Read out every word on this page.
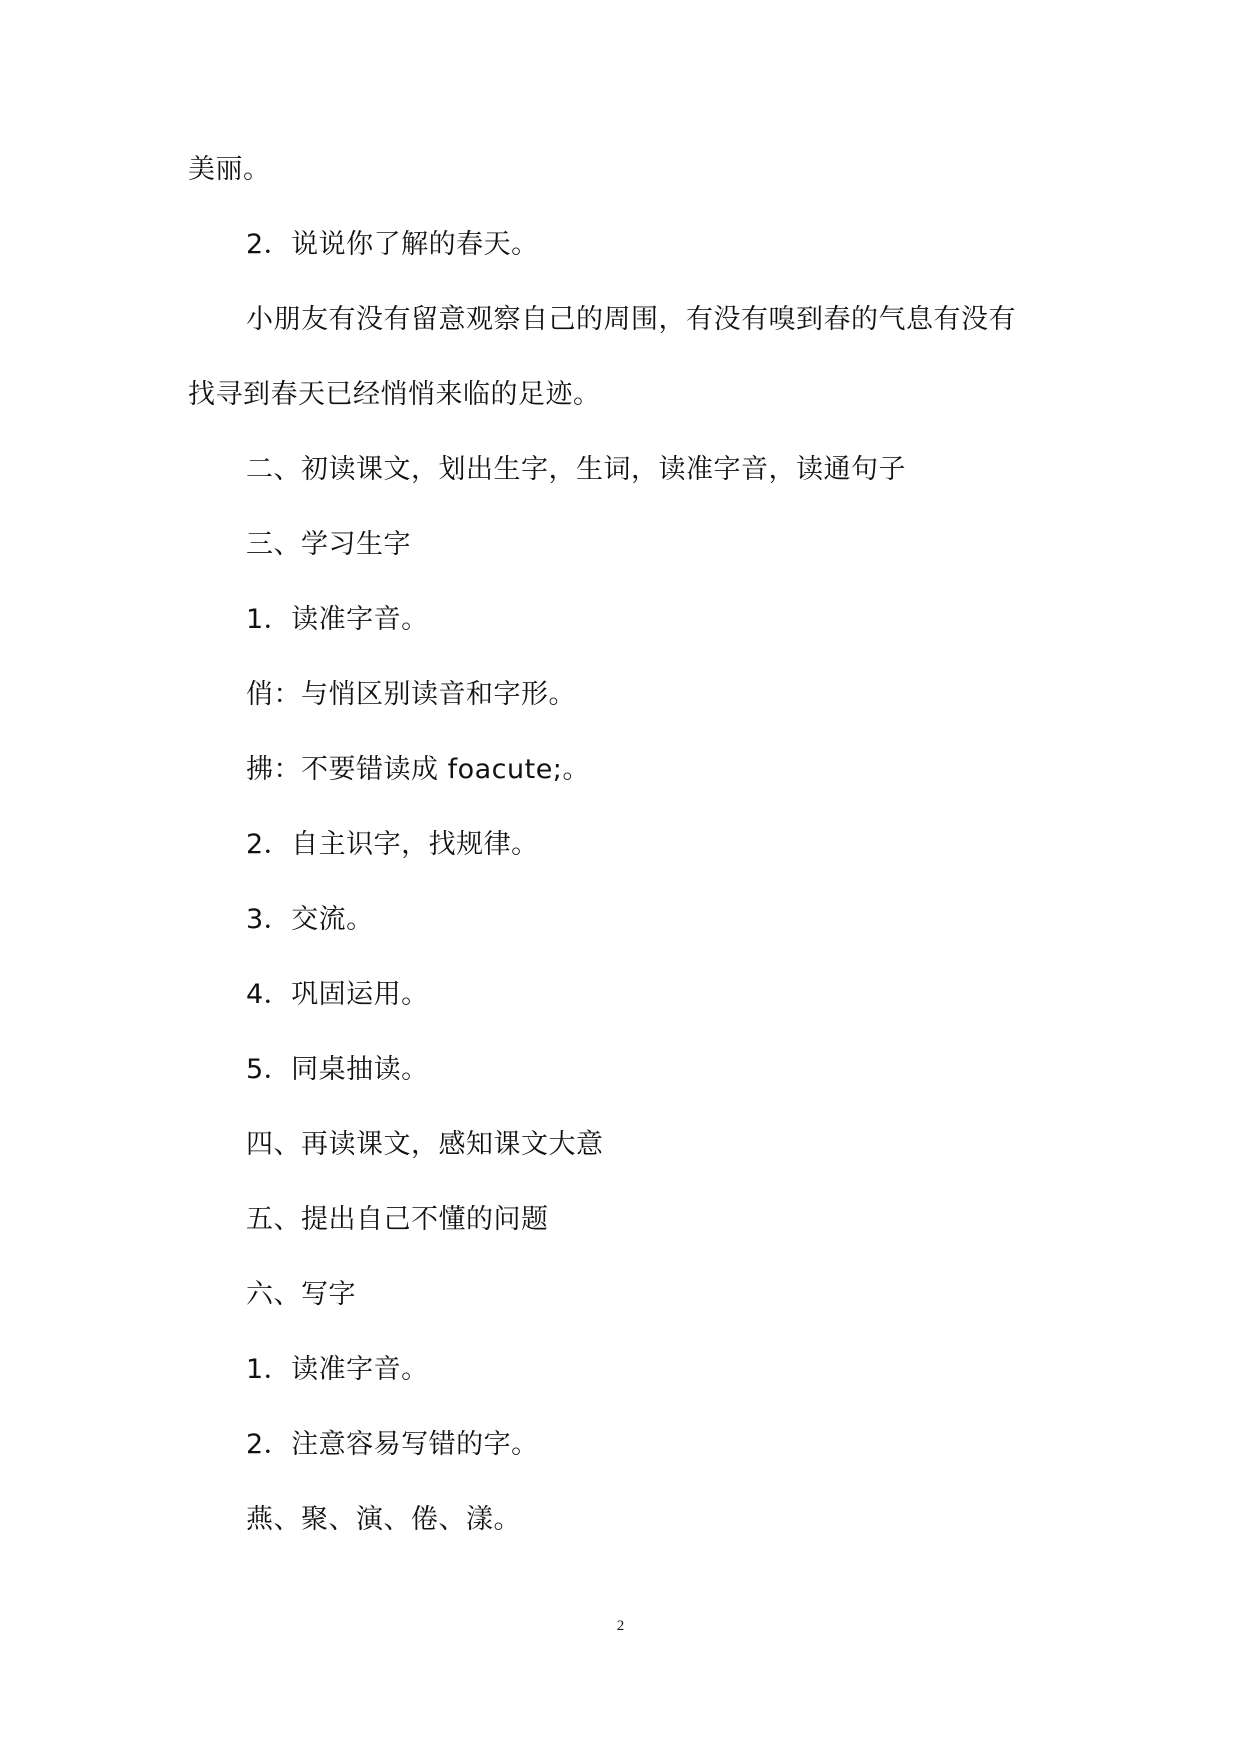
美丽。

2．说说你了解的春天。

小朋友有没有留意观察自己的周围，有没有嗅到春的气息有没有

找寻到春天已经悄悄来临的足迹。

二、初读课文，划出生字，生词，读准字音，读通句子

三、学习生字

1．读准字音。

俏：与悄区别读音和字形。

拂：不要错读成 foacute;。

2．自主识字，找规律。

3．交流。

4．巩固运用。

5．同桌抽读。

四、再读课文，感知课文大意

五、提出自己不懂的问题

六、写字

1．读准字音。

2．注意容易写错的字。

燕、聚、演、倦、漾。

2
